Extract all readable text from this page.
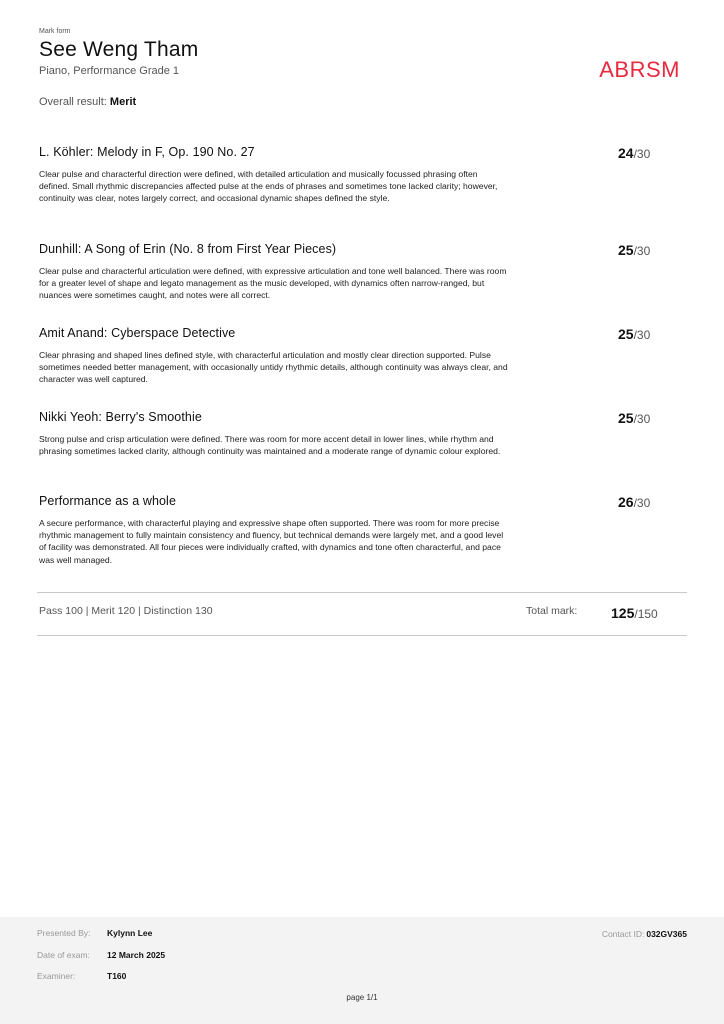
Mark form
See Weng Tham
Piano, Performance Grade 1	ABRSM
Overall result: Merit
L. Köhler: Melody in F, Op. 190 No. 27	24/30
Clear pulse and characterful direction were defined, with detailed articulation and musically focussed phrasing often defined. Small rhythmic discrepancies affected pulse at the ends of phrases and sometimes tone lacked clarity; however, continuity was clear, notes largely correct, and occasional dynamic shapes defined the style.
Dunhill: A Song of Erin (No. 8 from First Year Pieces)	25/30
Clear pulse and characterful articulation were defined, with expressive articulation and tone well balanced. There was room for a greater level of shape and legato management as the music developed, with dynamics often narrow-ranged, but nuances were sometimes caught, and notes were all correct.
Amit Anand: Cyberspace Detective	25/30
Clear phrasing and shaped lines defined style, with characterful articulation and mostly clear direction supported. Pulse sometimes needed better management, with occasionally untidy rhythmic details, although continuity was always clear, and character was well captured.
Nikki Yeoh: Berry's Smoothie	25/30
Strong pulse and crisp articulation were defined. There was room for more accent detail in lower lines, while rhythm and phrasing sometimes lacked clarity, although continuity was maintained and a moderate range of dynamic colour explored.
Performance as a whole	26/30
A secure performance, with characterful playing and expressive shape often supported. There was room for more precise rhythmic management to fully maintain consistency and fluency, but technical demands were largely met, and a good level of facility was demonstrated. All four pieces were individually crafted, with dynamics and tone often characterful, and pace was well managed.
Pass 100 | Merit 120 | Distinction 130	Total mark: 125/150
Presented By: Kylynn Lee
Date of exam: 12 March 2025
Examiner:	T160
Contact ID: 032GV365
page 1/1
